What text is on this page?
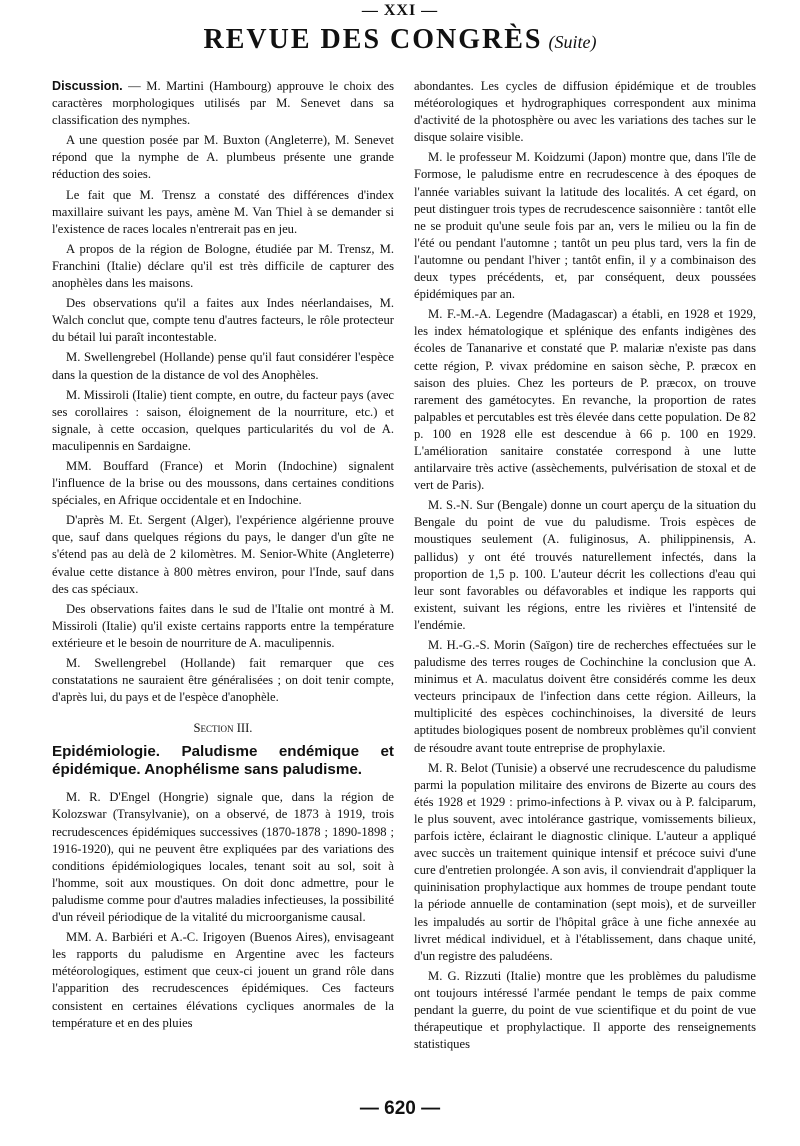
— XXI —
REVUE DES CONGRÈS (Suite)

Discussion. — M. Martini (Hambourg) approuve le choix des caractères morphologiques utilisés par M. Senevet dans sa classification des nymphes.

A une question posée par M. Buxton (Angleterre), M. Senevet répond que la nymphe de A. plumbeus présente une grande réduction des soies.

Le fait que M. Trensz a constaté des différences d'index maxillaire suivant les pays, amène M. Van Thiel à se demander si l'existence de races locales n'entrerait pas en jeu.

A propos de la région de Bologne, étudiée par M. Trensz, M. Franchini (Italie) déclare qu'il est très difficile de capturer des anophèles dans les maisons.

Des observations qu'il a faites aux Indes néerlandaises, M. Walch conclut que, compte tenu d'autres facteurs, le rôle protecteur du bétail lui paraît incontestable.

M. Swellengrebel (Hollande) pense qu'il faut considérer l'espèce dans la question de la distance de vol des Anophèles.

M. Missiroli (Italie) tient compte, en outre, du facteur pays (avec ses corollaires : saison, éloignement de la nourriture, etc.) et signale, à cette occasion, quelques particularités du vol de A. maculipennis en Sardaigne.

MM. Bouffard (France) et Morin (Indochine) signalent l'influence de la brise ou des moussons, dans certaines conditions spéciales, en Afrique occidentale et en Indochine.

D'après M. Et. Sergent (Alger), l'expérience algérienne prouve que, sauf dans quelques régions du pays, le danger d'un gîte ne s'étend pas au delà de 2 kilomètres. M. Senior-White (Angleterre) évalue cette distance à 800 mètres environ, pour l'Inde, sauf dans des cas spéciaux.

Des observations faites dans le sud de l'Italie ont montré à M. Missiroli (Italie) qu'il existe certains rapports entre la température extérieure et le besoin de nourriture de A. maculipennis.

M. Swellengrebel (Hollande) fait remarquer que ces constatations ne sauraient être généralisées ; on doit tenir compte, d'après lui, du pays et de l'espèce d'anophèle.

Section III.
Epidémiologie. Paludisme endémique et épidémique. Anophélisme sans paludisme.

M. R. D'Engel (Hongrie) signale que, dans la région de Kolozswar (Transylvanie), on a observé, de 1873 à 1919, trois recrudescences épidémiques successives (1870-1878 ; 1890-1898 ; 1916-1920), qui ne peuvent être expliquées par des variations des conditions épidémiologiques locales, tenant soit au sol, soit à l'homme, soit aux moustiques. On doit donc admettre, pour le paludisme comme pour d'autres maladies infectieuses, la possibilité d'un réveil périodique de la vitalité du microorganisme causal.

MM. A. Barbiéri et A.-C. Irigoyen (Buenos Aires), envisageant les rapports du paludisme en Argentine avec les facteurs météorologiques, estiment que ceux-ci jouent un grand rôle dans l'apparition des recrudescences épidémiques. Ces facteurs consistent en certaines élévations cycliques anormales de la température et en des pluies

abondantes. Les cycles de diffusion épidémique et de troubles météorologiques et hydrographiques correspondent aux minima d'activité de la photosphère ou avec les variations des taches sur le disque solaire visible.

M. le professeur M. Koidzumi (Japon) montre que, dans l'île de Formose, le paludisme entre en recrudescence à des époques de l'année variables suivant la latitude des localités. A cet égard, on peut distinguer trois types de recrudescence saisonnière : tantôt elle ne se produit qu'une seule fois par an, vers le milieu ou la fin de l'été ou pendant l'automne ; tantôt un peu plus tard, vers la fin de l'automne ou pendant l'hiver ; tantôt enfin, il y a combinaison des deux types précédents, et, par conséquent, deux poussées épidémiques par an.

M. F.-M.-A. Legendre (Madagascar) a établi, en 1928 et 1929, les index hématologique et splénique des enfants indigènes des écoles de Tananarive et constaté que P. malariæ n'existe pas dans cette région, P. vivax prédomine en saison sèche, P. præcox en saison des pluies. Chez les porteurs de P. præcox, on trouve rarement des gamétocytes. En revanche, la proportion de rates palpables et percutables est très élevée dans cette population. De 82 p. 100 en 1928 elle est descendue à 66 p. 100 en 1929. L'amélioration sanitaire constatée correspond à une lutte antilarvaire très active (assèchements, pulvérisation de stoxal et de vert de Paris).

M. S.-N. Sur (Bengale) donne un court aperçu de la situation du Bengale du point de vue du paludisme. Trois espèces de moustiques seulement (A. fuliginosus, A. philippinensis, A. pallidus) y ont été trouvés naturellement infectés, dans la proportion de 1,5 p. 100. L'auteur décrit les collections d'eau qui leur sont favorables ou défavorables et indique les rapports qui existent, suivant les régions, entre les rivières et l'intensité de l'endémie.

M. H.-G.-S. Morin (Saïgon) tire de recherches effectuées sur le paludisme des terres rouges de Cochinchine la conclusion que A. minimus et A. maculatus doivent être considérés comme les deux vecteurs principaux de l'infection dans cette région. Ailleurs, la multiplicité des espèces cochinchinoises, la diversité de leurs aptitudes biologiques posent de nombreux problèmes qu'il convient de résoudre avant toute entreprise de prophylaxie.

M. R. Belot (Tunisie) a observé une recrudescence du paludisme parmi la population militaire des environs de Bizerte au cours des étés 1928 et 1929 : primo-infections à P. vivax ou à P. falciparum, le plus souvent, avec intolérance gastrique, vomissements bilieux, parfois ictère, éclairant le diagnostic clinique. L'auteur a appliqué avec succès un traitement quinique intensif et précoce suivi d'une cure d'entretien prolongée. A son avis, il conviendrait d'appliquer la quininisation prophylactique aux hommes de troupe pendant toute la période annuelle de contamination (sept mois), et de surveiller les impaludés au sortir de l'hôpital grâce à une fiche annexée au livret médical individuel, et à l'établissement, dans chaque unité, d'un registre des paludéens.

M. G. Rizzuti (Italie) montre que les problèmes du paludisme ont toujours intéressé l'armée pendant le temps de paix comme pendant la guerre, du point de vue scientifique et du point de vue thérapeutique et prophylactique. Il apporte des renseignements statistiques

— 620 —
